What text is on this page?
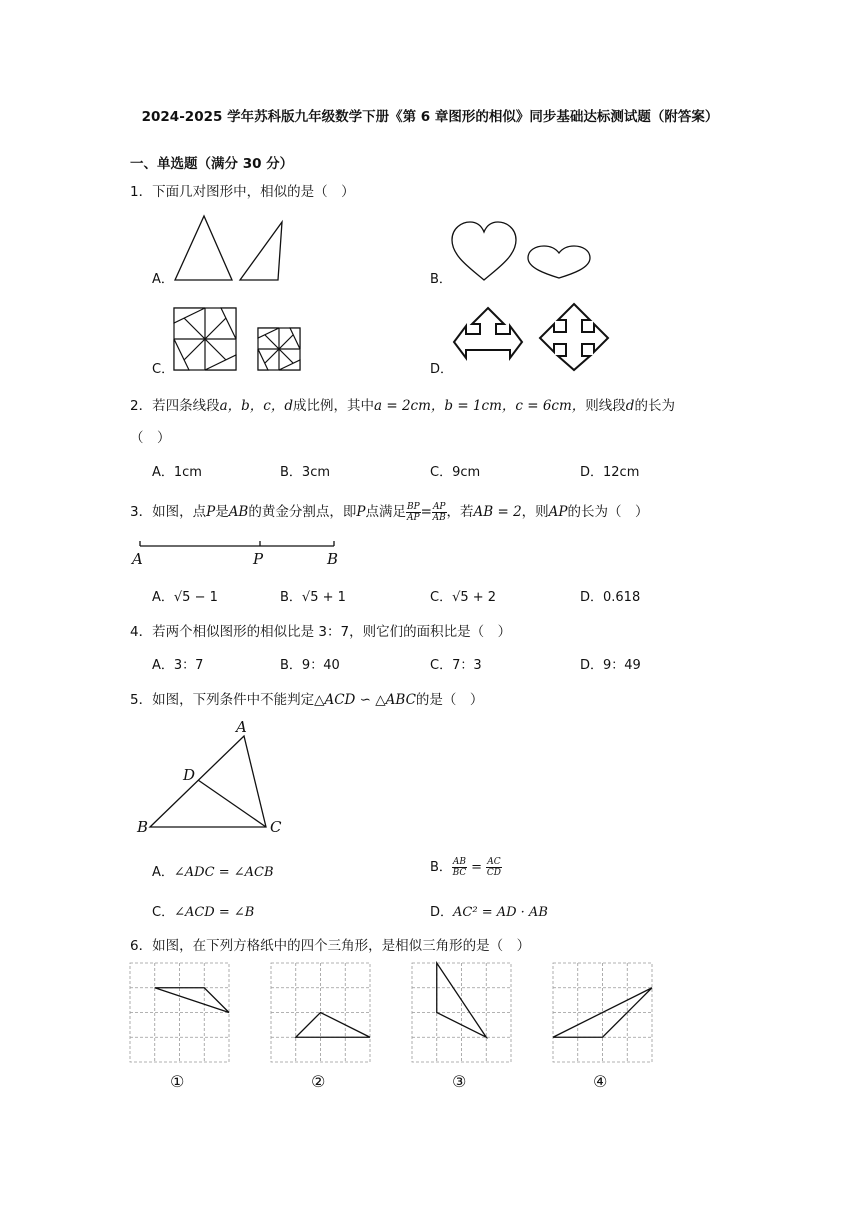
2024-2025 学年苏科版九年级数学下册《第 6 章图形的相似》同步基础达标测试题（附答案）
一、单选题（满分 30 分）
1．下面几对图形中，相似的是（　）
A．	B．
C．	D．
2．若四条线段a，b，c，d成比例，其中a = 2cm，b = 1cm，c = 6cm，则线段d的长为
（　）
A．1cm	B．3cm	C．9cm	D．12cm
3．如图，点P是AB的黄金分割点，即P点满足 $\frac{BP}{AP} = \frac{AP}{AB}$ ，若AB = 2，则AP的长为（　）
A	P	B
A．√5 − 1	B．√5 + 1	C．√5 + 2	D．0.618
4．若两个相似图形的相似比是 3：7，则它们的面积比是（　）
A．3：7	B．9：40	C．7：3	D．9：49
5．如图，下列条件中不能判定△ACD ∽ △ABC的是（　）
A
D
B	C
A．∠ADC = ∠ACB	B． $\frac{AB}{BC} = \frac{AC}{CD}$
C．∠ACD = ∠B	D．AC² = AD · AB
6．如图，在下列方格纸中的四个三角形，是相似三角形的是（　）
①	②	③	④
